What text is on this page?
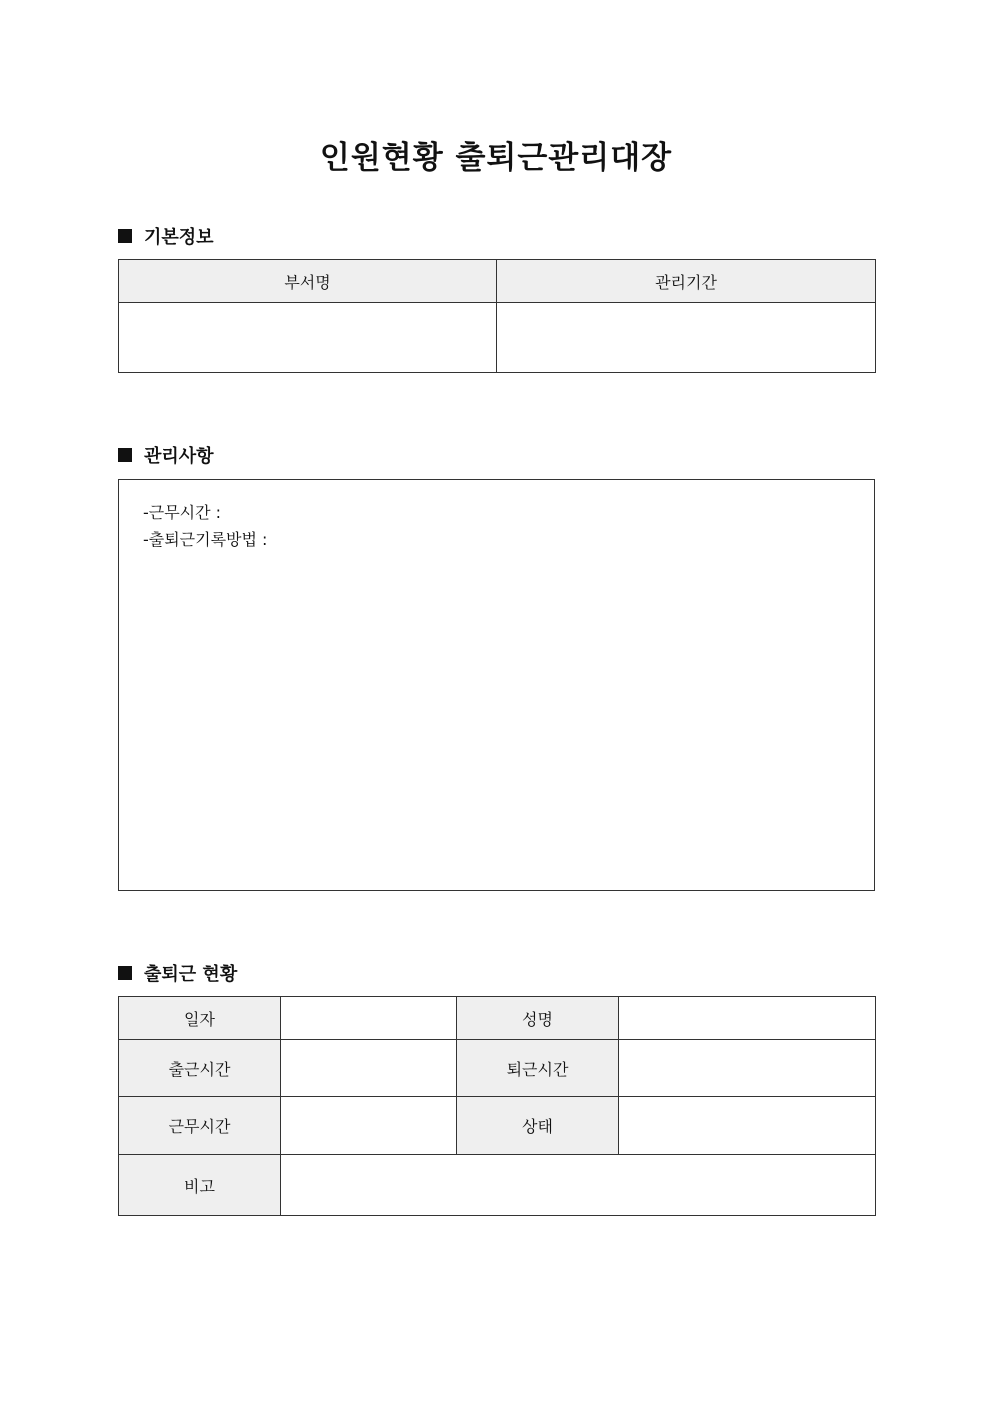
인원현황 출퇴근관리대장
기본정보
부서명	관리기간

관리사항
-근무시간 :
-출퇴근기록방법 :
출퇴근 현황
일자		성명	
출근시간		퇴근시간	
근무시간		상태	
비고			
